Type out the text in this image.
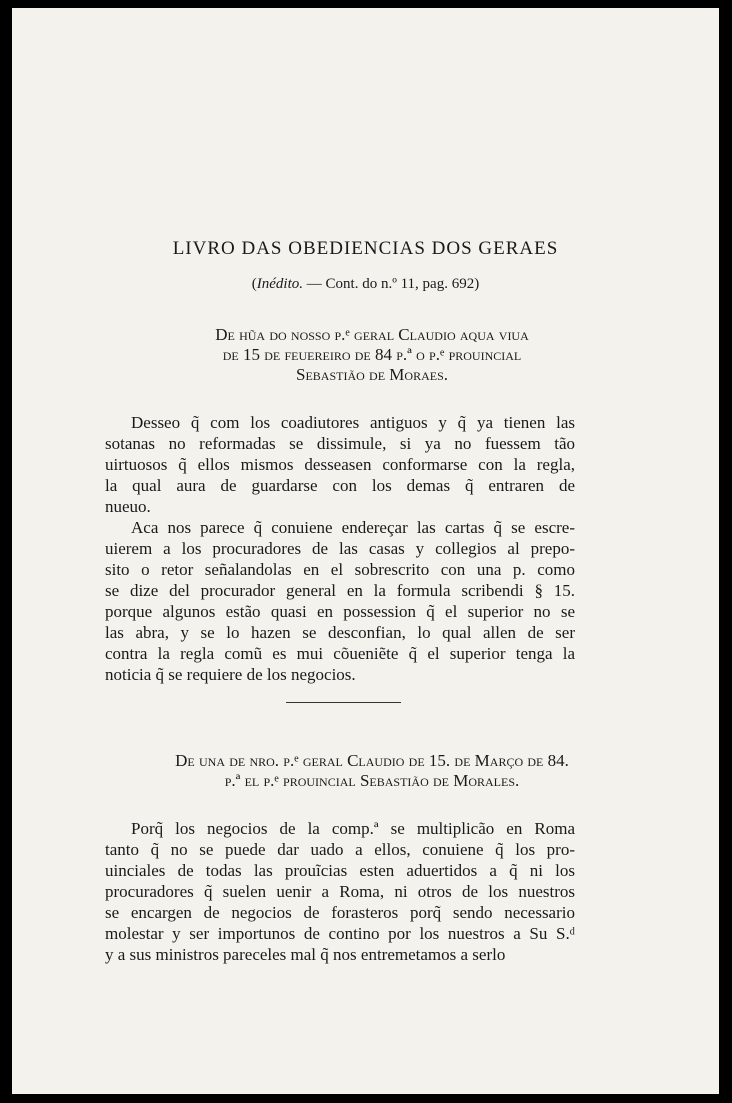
LIVRO DAS OBEDIENCIAS DOS GERAES
(Inédito. — Cont. do n.º 11, pag. 692)
De hũa do nosso p.ᵉ geral Claudio aqua viua
de 15 de feuereiro de 84 p.ª o p.ᵉ prouincial
Sebastião de Moraes.
Desseo q̃ com los coadiutores antiguos y q̃ ya tienen las
sotanas no reformadas se dissimule, si ya no fuessem tão
uirtuosos q̃ ellos mismos desseasen conformarse con la regla,
la qual aura de guardarse con los demas q̃ entraren de
nueuo.
Aca nos parece q̃ conuiene endereçar las cartas q̃ se escre-
uierem a los procuradores de las casas y collegios al prepo-
sito o retor señalandolas en el sobrescrito con una p. como
se dize del procurador general en la formula scribendi § 15.
porque algunos estão quasi en possession q̃ el superior no se
las abra, y se lo hazen se desconfian, lo qual allen de ser
contra la regla comũ es mui cõueniẽte q̃ el superior tenga la
noticia q̃ se requiere de los negocios.
De una de nro. p.ᵉ geral Claudio de 15. de Março de 84.
p.ª el p.ᵉ prouincial Sebastião de Morales.
Porq̃ los negocios de la comp.ª se multiplicão en Roma
tanto q̃ no se puede dar uado a ellos, conuiene q̃ los pro-
uinciales de todas las prouĩcias esten aduertidos a q̃ ni los
procuradores q̃ suelen uenir a Roma, ni otros de los nuestros
se encargen de negocios de forasteros porq̃ sendo necessario
molestar y ser importunos de contino por los nuestros a Su S.ᵈ
y a sus ministros pareceles mal q̃ nos entremetamos a serlo
